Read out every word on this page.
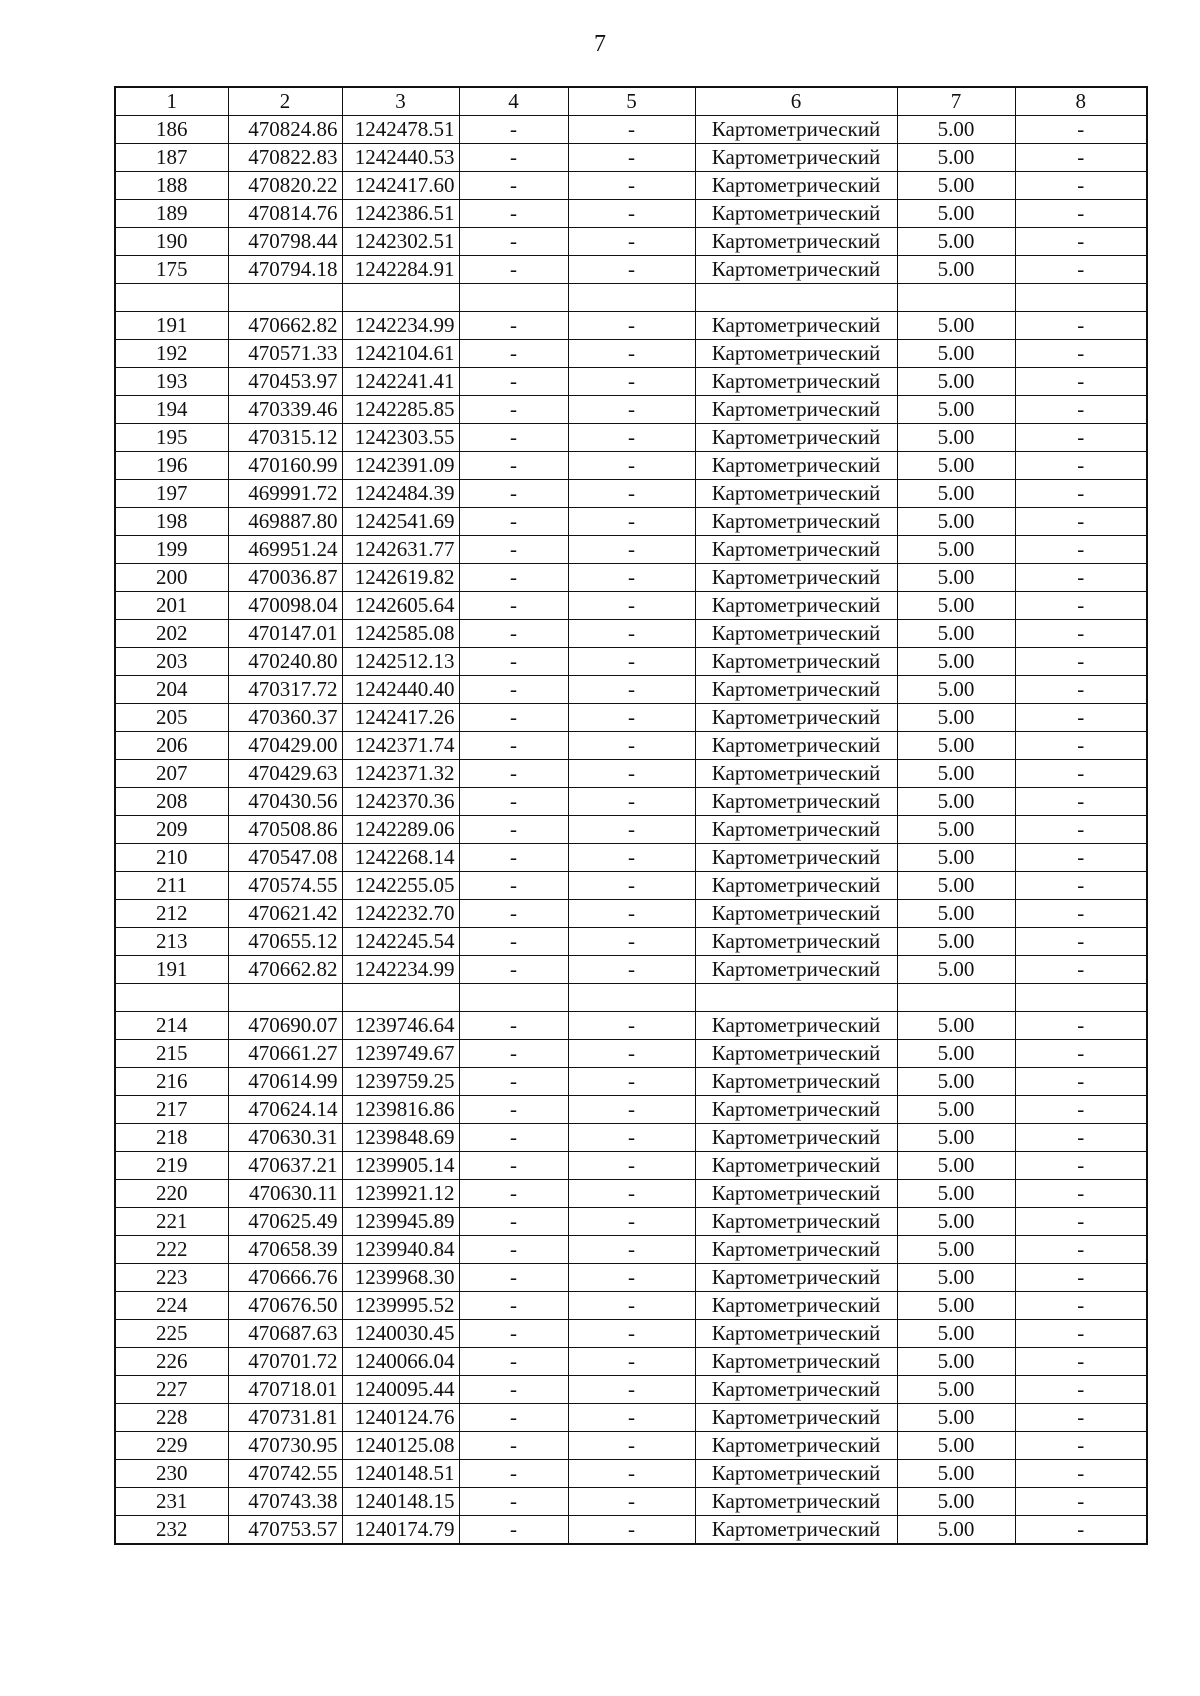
7
1	2	3	4	5	6	7	8
186	470824.86	1242478.51	-	-	Картометрический	5.00	-
187	470822.83	1242440.53	-	-	Картометрический	5.00	-
188	470820.22	1242417.60	-	-	Картометрический	5.00	-
189	470814.76	1242386.51	-	-	Картометрический	5.00	-
190	470798.44	1242302.51	-	-	Картометрический	5.00	-
175	470794.18	1242284.91	-	-	Картометрический	5.00	-

191	470662.82	1242234.99	-	-	Картометрический	5.00	-
192	470571.33	1242104.61	-	-	Картометрический	5.00	-
193	470453.97	1242241.41	-	-	Картометрический	5.00	-
194	470339.46	1242285.85	-	-	Картометрический	5.00	-
195	470315.12	1242303.55	-	-	Картометрический	5.00	-
196	470160.99	1242391.09	-	-	Картометрический	5.00	-
197	469991.72	1242484.39	-	-	Картометрический	5.00	-
198	469887.80	1242541.69	-	-	Картометрический	5.00	-
199	469951.24	1242631.77	-	-	Картометрический	5.00	-
200	470036.87	1242619.82	-	-	Картометрический	5.00	-
201	470098.04	1242605.64	-	-	Картометрический	5.00	-
202	470147.01	1242585.08	-	-	Картометрический	5.00	-
203	470240.80	1242512.13	-	-	Картометрический	5.00	-
204	470317.72	1242440.40	-	-	Картометрический	5.00	-
205	470360.37	1242417.26	-	-	Картометрический	5.00	-
206	470429.00	1242371.74	-	-	Картометрический	5.00	-
207	470429.63	1242371.32	-	-	Картометрический	5.00	-
208	470430.56	1242370.36	-	-	Картометрический	5.00	-
209	470508.86	1242289.06	-	-	Картометрический	5.00	-
210	470547.08	1242268.14	-	-	Картометрический	5.00	-
211	470574.55	1242255.05	-	-	Картометрический	5.00	-
212	470621.42	1242232.70	-	-	Картометрический	5.00	-
213	470655.12	1242245.54	-	-	Картометрический	5.00	-
191	470662.82	1242234.99	-	-	Картометрический	5.00	-

214	470690.07	1239746.64	-	-	Картометрический	5.00	-
215	470661.27	1239749.67	-	-	Картометрический	5.00	-
216	470614.99	1239759.25	-	-	Картометрический	5.00	-
217	470624.14	1239816.86	-	-	Картометрический	5.00	-
218	470630.31	1239848.69	-	-	Картометрический	5.00	-
219	470637.21	1239905.14	-	-	Картометрический	5.00	-
220	470630.11	1239921.12	-	-	Картометрический	5.00	-
221	470625.49	1239945.89	-	-	Картометрический	5.00	-
222	470658.39	1239940.84	-	-	Картометрический	5.00	-
223	470666.76	1239968.30	-	-	Картометрический	5.00	-
224	470676.50	1239995.52	-	-	Картометрический	5.00	-
225	470687.63	1240030.45	-	-	Картометрический	5.00	-
226	470701.72	1240066.04	-	-	Картометрический	5.00	-
227	470718.01	1240095.44	-	-	Картометрический	5.00	-
228	470731.81	1240124.76	-	-	Картометрический	5.00	-
229	470730.95	1240125.08	-	-	Картометрический	5.00	-
230	470742.55	1240148.51	-	-	Картометрический	5.00	-
231	470743.38	1240148.15	-	-	Картометрический	5.00	-
232	470753.57	1240174.79	-	-	Картометрический	5.00	-
